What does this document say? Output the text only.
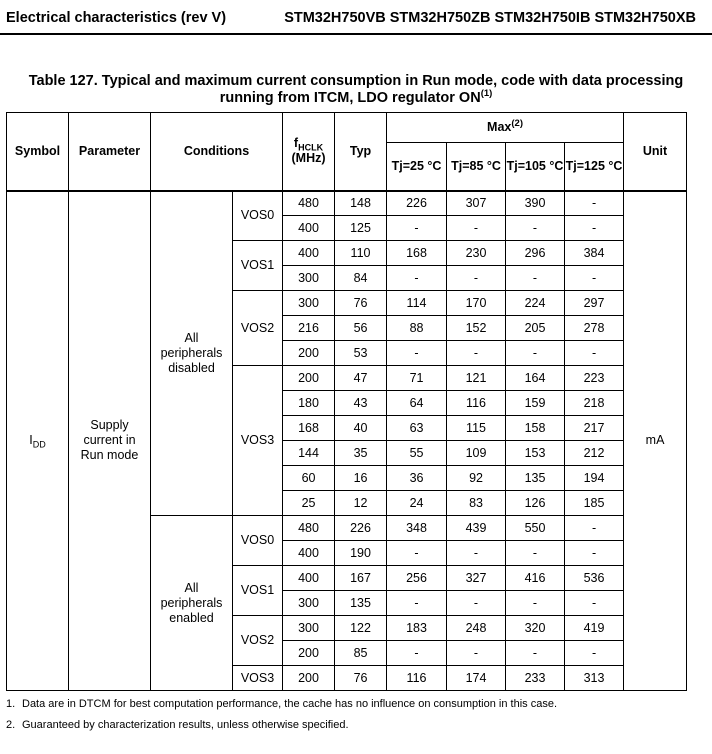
Electrical characteristics (rev V)	STM32H750VB STM32H750ZB STM32H750IB STM32H750XB
Table 127. Typical and maximum current consumption in Run mode, code with data processing
running from ITCM, LDO regulator ON$^{(1)}$
Symbol	Parameter	Conditions		$f_{HCLK}$
(MHz)	Typ	Max$^{(2)}$				Unit
						Tj=25 °C	Tj=85 °C	Tj=105 °C	Tj=125 °C	
$I_{DD}$	Supply current in Run mode	All peripherals disabled	VOS0	480	148	226	307	390	-	mA
				400	125	-	-	-	-	
			VOS1	400	110	168	230	296	384	
				300	84	-	-	-	-	
			VOS2	300	76	114	170	224	297	
				216	56	88	152	205	278	
				200	53	-	-	-	-	
			VOS3	200	47	71	121	164	223	
				180	43	64	116	159	218	
				168	40	63	115	158	217	
				144	35	55	109	153	212	
				60	16	36	92	135	194	
				25	12	24	83	126	185	
		All peripherals enabled	VOS0	480	226	348	439	550	-	
				400	190	-	-	-	-	
			VOS1	400	167	256	327	416	536	
				300	135	-	-	-	-	
			VOS2	300	122	183	248	320	419	
				200	85	-	-	-	-	
			VOS3	200	76	116	174	233	313	
1. Data are in DTCM for best computation performance, the cache has no influence on consumption in this case.
2. Guaranteed by characterization results, unless otherwise specified.
